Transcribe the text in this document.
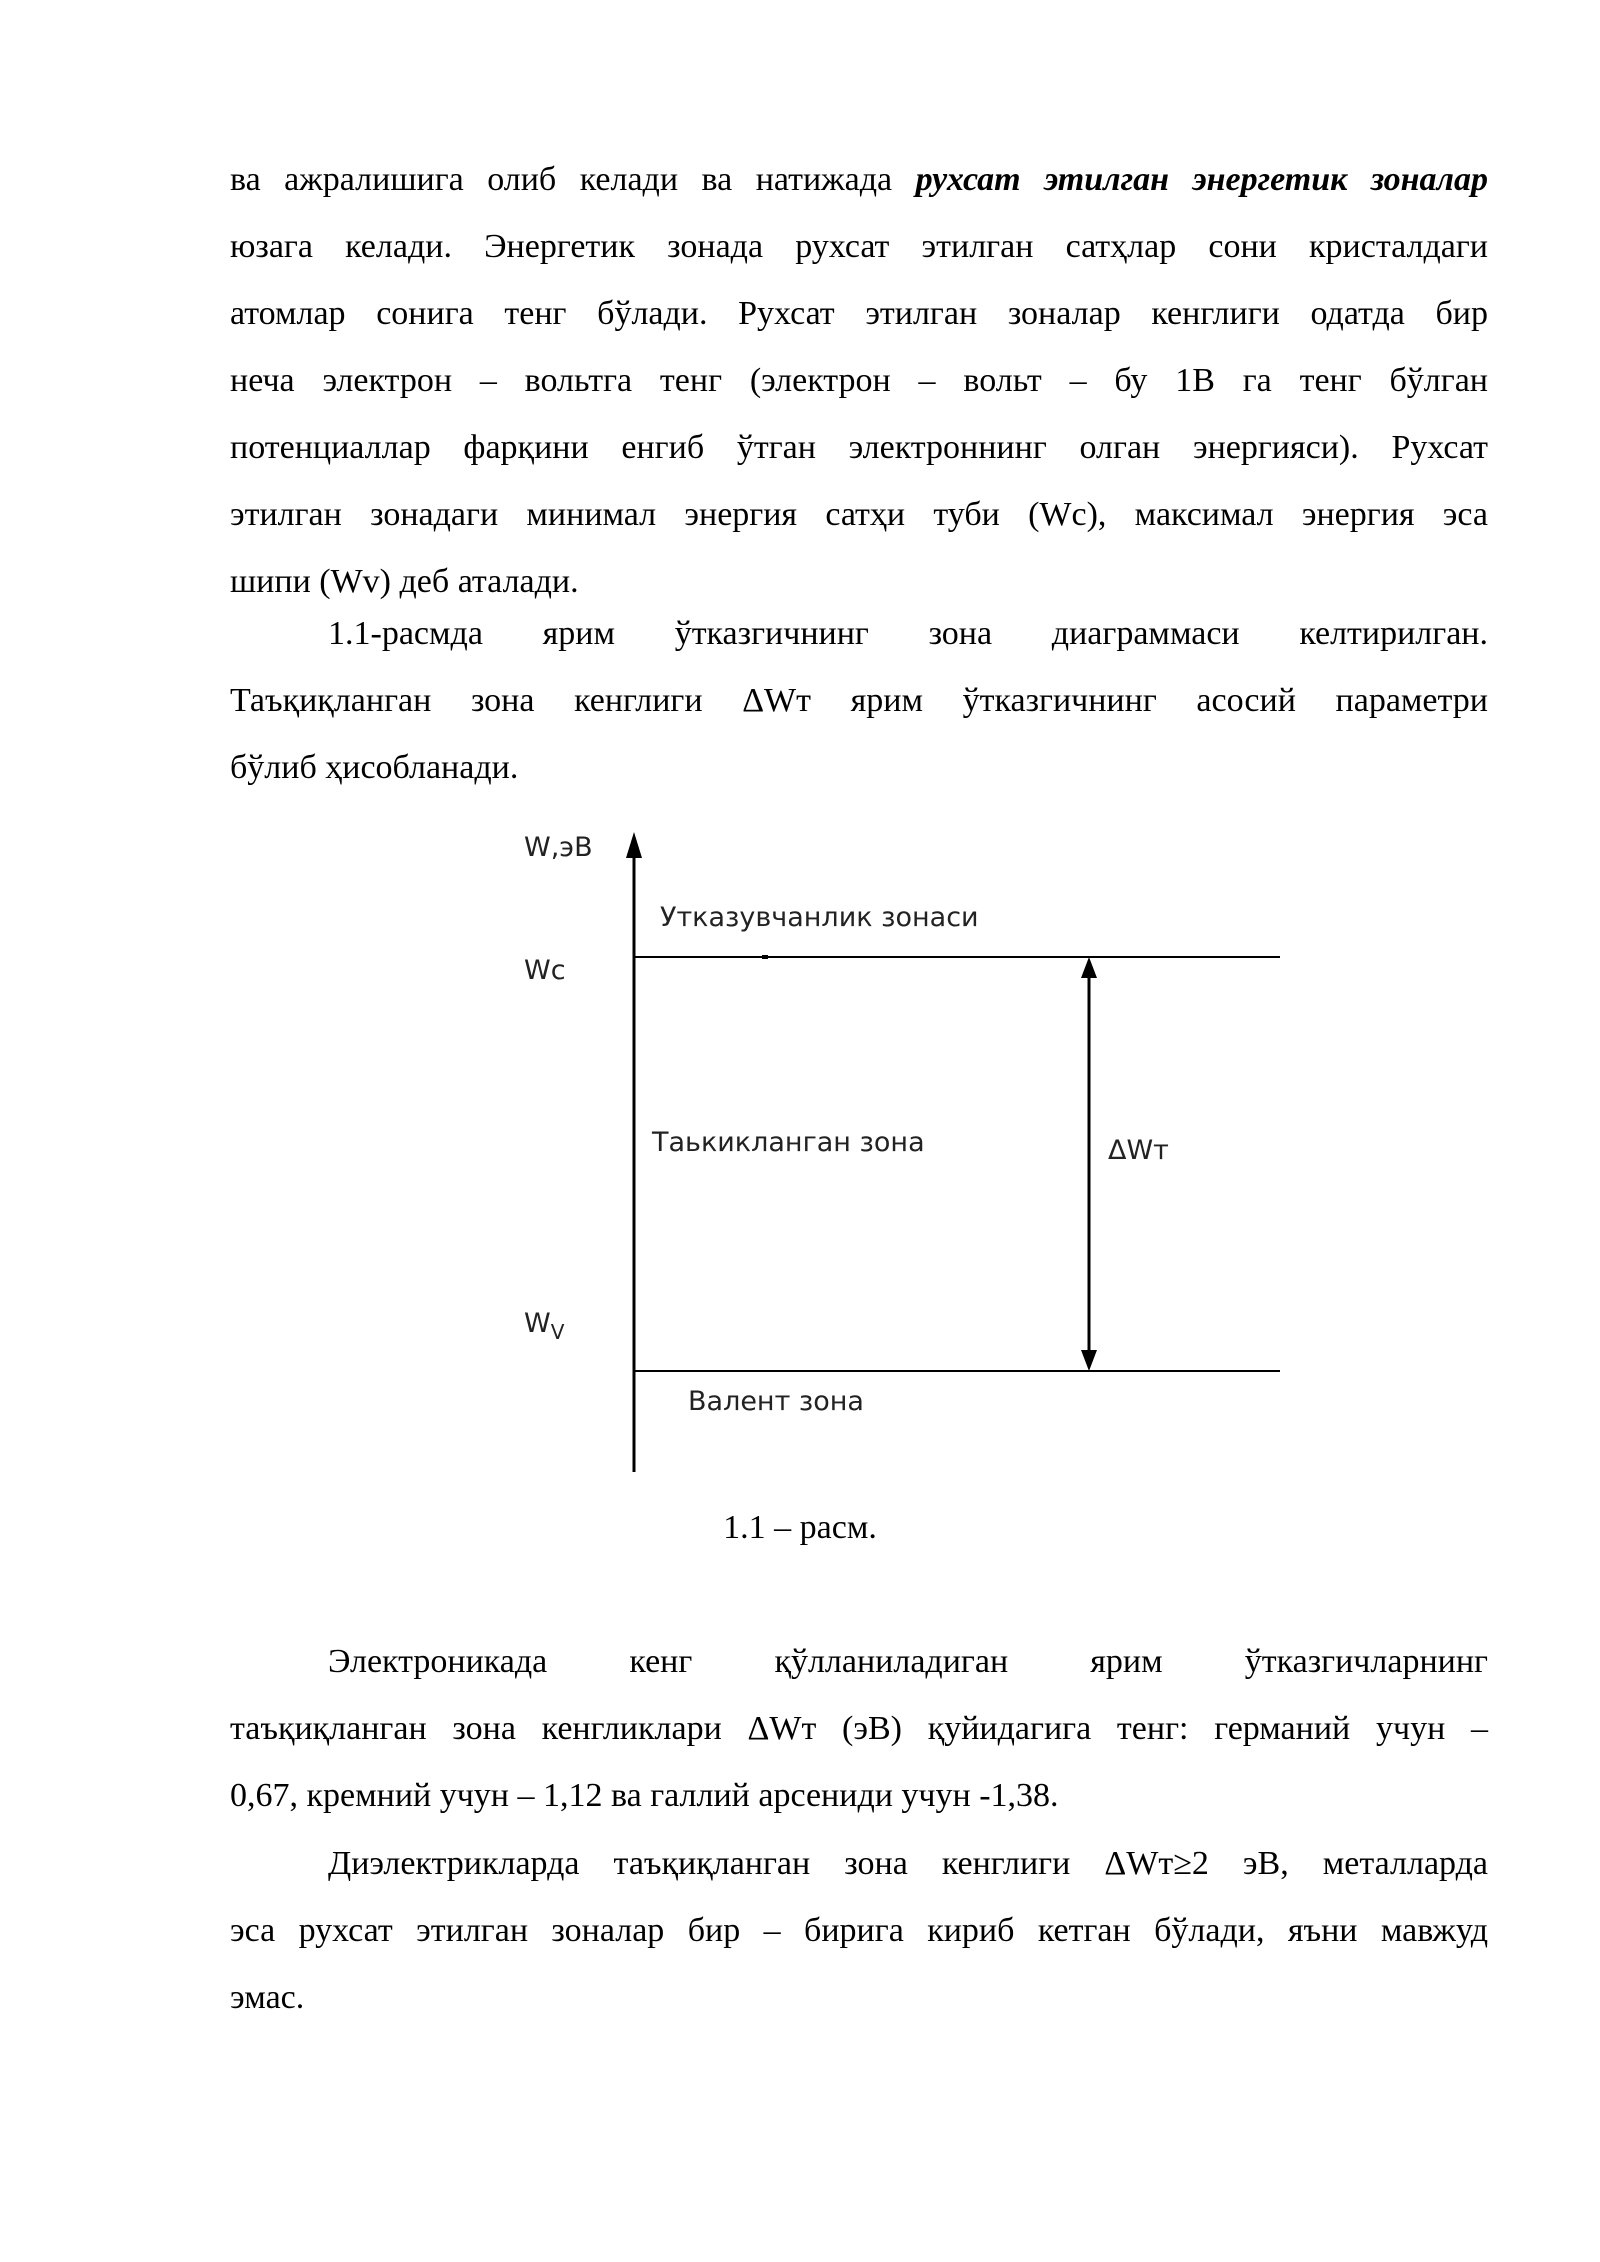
ва ажралишига олиб келади ва натижада рухсат этилган энергетик зоналар
юзага келади. Энергетик зонада рухсат этилган сатҳлар сони кристалдаги
атомлар сонига тенг бўлади. Рухсат этилган зоналар кенглиги одатда бир
неча электрон – вольтга тенг (электрон – вольт – бу 1В га тенг бўлган
потенциаллар фарқини енгиб ўтган электроннинг олган энергияси). Рухсат
этилган зонадаги минимал энергия сатҳи туби (Wc), максимал энергия эса
шипи (Wv) деб аталади.

1.1-расмда ярим ўтказгичнинг зона диаграммаси келтирилган.
Таъқиқланган зона кенглиги ΔWт ярим ўтказгичнинг асосий параметри
бўлиб ҳисобланади.

W,эВ
Wc
$W_V$
Утказувчанлик зонаси
Таькикланган зона	ΔWт
Валент зона
1.1 – расм.

Электроникада кенг қўлланиладиган ярим ўтказгичларнинг
таъқиқланган зона кенгликлари ΔWт (эВ) қуйидагига тенг: германий учун –
0,67, кремний учун – 1,12 ва галлий арсениди учун -1,38.

Диэлектрикларда таъқиқланган зона кенглиги ΔWт≥2 эВ, металларда
эса рухсат этилган зоналар бир – бирига кириб кетган бўлади, яъни мавжуд
эмас.
